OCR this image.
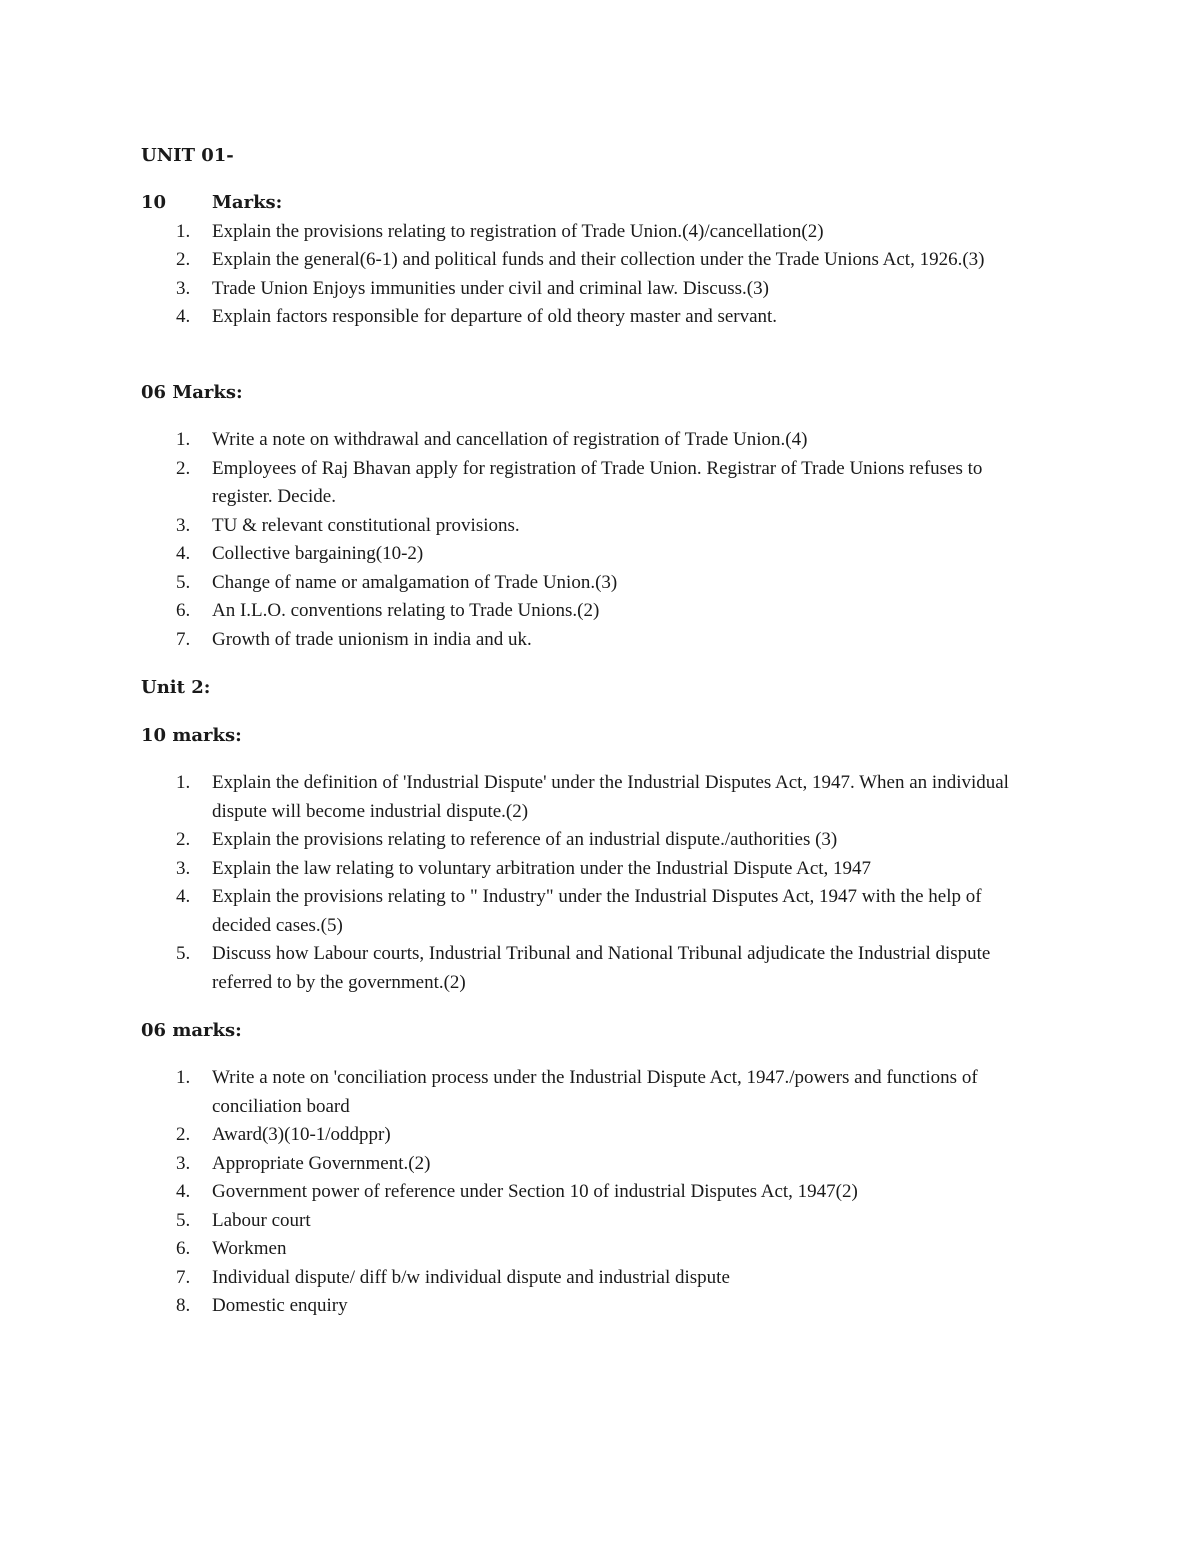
UNIT 01-
10	Marks:
1. Explain the provisions relating to registration of Trade Union.(4)/cancellation(2)
2. Explain the general(6-1) and political funds and their collection under the Trade Unions Act, 1926.(3)
3. Trade Union Enjoys immunities under civil and criminal law. Discuss.(3)
4. Explain factors responsible for departure of old theory master and servant.
06 Marks:
1. Write a note on withdrawal and cancellation of registration of Trade Union.(4)
2. Employees of Raj Bhavan apply for registration of Trade Union. Registrar of Trade Unions refuses to register. Decide.
3. TU & relevant constitutional provisions.
4. Collective bargaining(10-2)
5. Change of name or amalgamation of Trade Union.(3)
6. An I.L.O. conventions relating to Trade Unions.(2)
7. Growth of trade unionism in india and uk.
Unit 2:
10 marks:
1. Explain the definition of 'Industrial Dispute' under the Industrial Disputes Act, 1947. When an individual dispute will become industrial dispute.(2)
2. Explain the provisions relating to reference of an industrial dispute./authorities (3)
3. Explain the law relating to voluntary arbitration under the Industrial Dispute Act, 1947
4. Explain the provisions relating to " Industry" under the Industrial Disputes Act, 1947 with the help of decided cases.(5)
5. Discuss how Labour courts, Industrial Tribunal and National Tribunal adjudicate the Industrial dispute referred to by the government.(2)
06 marks:
1. Write a note on 'conciliation process under the Industrial Dispute Act, 1947./powers and functions of conciliation board
2. Award(3)(10-1/oddppr)
3. Appropriate Government.(2)
4. Government power of reference under Section 10 of industrial Disputes Act, 1947(2)
5. Labour court
6. Workmen
7. Individual dispute/ diff b/w individual dispute and industrial dispute
8. Domestic enquiry
